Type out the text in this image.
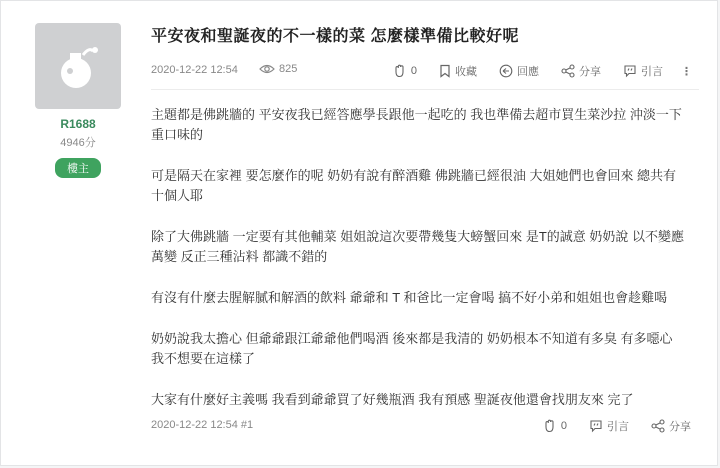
R1688
4946分
樓主
平安夜和聖誕夜的不一樣的菜 怎麼樣準備比較好呢
2020-12-22 12:54	825	0	收藏	回應	分享	引言 ⋮

主題都是佛跳牆的 平安夜我已經答應學長跟他一起吃的 我也準備去超市買生菜沙拉 沖淡一下重口味的

可是隔天在家裡 要怎麼作的呢 奶奶有說有醉酒雞 佛跳牆已經很油 大姐她們也會回來 總共有十個人耶

除了大佛跳牆 一定要有其他輔菜 姐姐說這次要帶幾隻大螃蟹回來 是T的誠意 奶奶說 以不變應萬變 反正三種沾料 都識不錯的

有沒有什麼去腥解膩和解酒的飲料 爺爺和 T 和爸比一定會喝 搞不好小弟和姐姐也會趁雞喝

奶奶說我太擔心 但爺爺跟江爺爺他們喝酒 後來都是我清的 奶奶根本不知道有多臭 有多噁心 我不想要在這樣了

大家有什麼好主義嗎 我看到爺爺買了好幾瓶酒 我有預感 聖誕夜他還會找朋友來 完了

2020-12-22 12:54 #1	0	引言	分享
